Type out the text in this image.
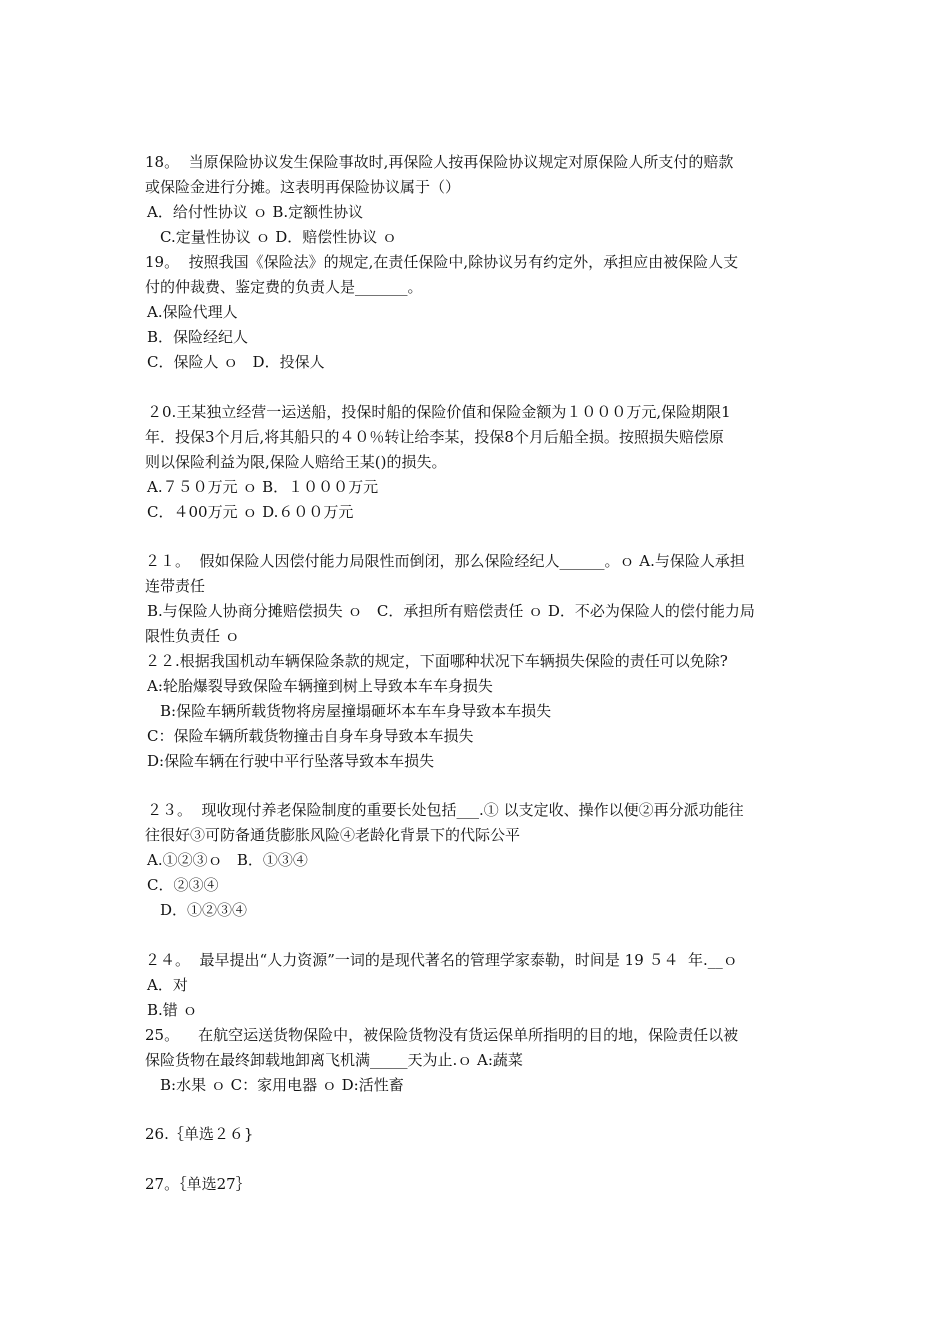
18。  当原保险协议发生保险事故时,再保险人按再保险协议规定对原保险人所支付的赔款
或保险金进行分摊。这表明再保险协议属于（）
A．给付性协议 ｏ B.定额性协议
C.定量性协议 ｏ D．赔偿性协议 ｏ
19。  按照我国《保险法》的规定,在责任保险中,除协议另有约定外，承担应由被保险人支
付的仲裁费、鉴定费的负责人是_______。
A.保险代理人
B．保险经纪人
C．保险人 ｏ   D．投保人
２0.王某独立经营一运送船，投保时船的保险价值和保险金额为１０００万元,保险期限1
年．投保3个月后,将其船只的４０％转让给李某，投保8个月后船全损。按照损失赔偿原
则以保险利益为限,保险人赔给王某()的损失。
A.７５０万元 ｏ B．１０００万元
C．４00万元 ｏ D.６００万元
２１。  假如保险人因偿付能力局限性而倒闭，那么保险经纪人______。ｏ A.与保险人承担
连带责任
B.与保险人协商分摊赔偿损失 ｏ   C．承担所有赔偿责任 ｏ D．不必为保险人的偿付能力局
限性负责任 ｏ
２２.根据我国机动车辆保险条款的规定，下面哪种状况下车辆损失保险的责任可以免除?
A:轮胎爆裂导致保险车辆撞到树上导致本车车身损失
B:保险车辆所载货物将房屋撞塌砸坏本车车身导致本车损失
C：保险车辆所载货物撞击自身车身导致本车损失
D:保险车辆在行驶中平行坠落导致本车损失
２３。  现收现付养老保险制度的重要长处包括___.① 以支定收、操作以便②再分派功能往
往很好③可防备通货膨胀风险④老龄化背景下的代际公平
A.①②③ｏ   B．①③④
C．②③④
D．①②③④
２４。  最早提出“人力资源”一词的是现代著名的管理学家泰勒，时间是 19 ５４  年.__ｏ
A．对
B.错 ｏ
25。    在航空运送货物保险中，被保险货物没有货运保单所指明的目的地，保险责任以被
保险货物在最终卸载地卸离飞机满_____天为止.ｏ A:蔬菜
B:水果 ｏ C：家用电器 ｏ D:活性畜
26.｛单选２６}
27。｛单选27｝
